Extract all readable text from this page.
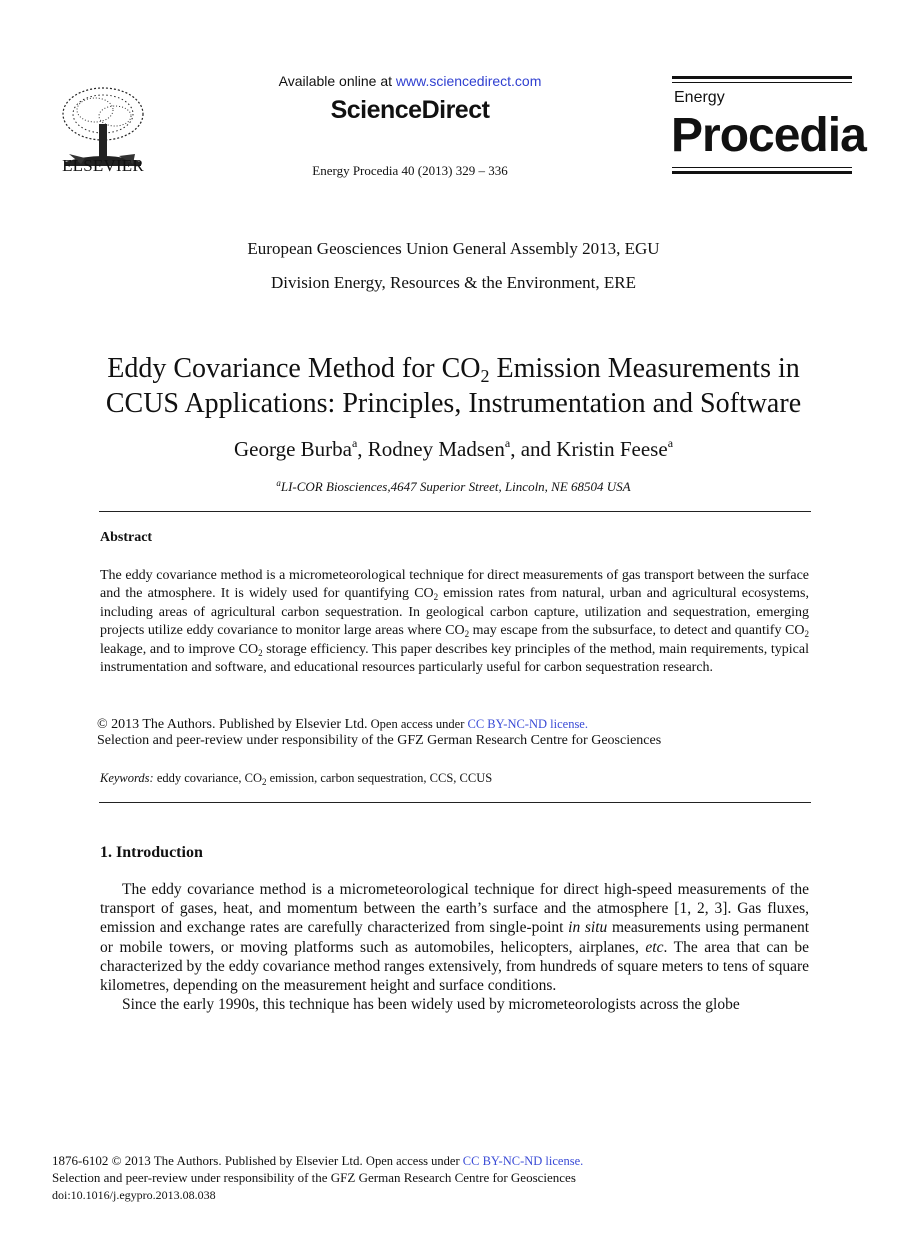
ELSEVIER
Available online at www.sciencedirect.com
ScienceDirect
Energy Procedia 40 (2013) 329 – 336
Energy
Procedia
European Geosciences Union General Assembly 2013, EGU
Division Energy, Resources & the Environment, ERE
Eddy Covariance Method for $CO_2$ Emission Measurements in
CCUS Applications: Principles, Instrumentation and Software
George Burba$^a$, Rodney Madsen$^a$, and Kristin Feese$^a$
$^a$LI-COR Biosciences,4647 Superior Street, Lincoln, NE 68504 USA
Abstract
The eddy covariance method is a micrometeorological technique for direct measurements of gas transport between the surface and the atmosphere. It is widely used for quantifying $CO_2$ emission rates from natural, urban and agricultural ecosystems, including areas of agricultural carbon sequestration. In geological carbon capture, utilization and sequestration, emerging projects utilize eddy covariance to monitor large areas where $CO_2$ may escape from the subsurface, to detect and quantify $CO_2$ leakage, and to improve $CO_2$ storage efficiency. This paper describes key principles of the method, main requirements, typical instrumentation and software, and educational resources particularly useful for carbon sequestration research.
© 2013 The Authors. Published by Elsevier Ltd. Open access under CC BY-NC-ND license.
Selection and peer-review under responsibility of the GFZ German Research Centre for Geosciences
Keywords: eddy covariance, $CO_2$ emission, carbon sequestration, CCS, CCUS
1. Introduction

The eddy covariance method is a micrometeorological technique for direct high-speed measurements of the transport of gases, heat, and momentum between the earth’s surface and the atmosphere [1, 2, 3]. Gas fluxes, emission and exchange rates are carefully characterized from single-point in situ measurements using permanent or mobile towers, or moving platforms such as automobiles, helicopters, airplanes, etc. The area that can be characterized by the eddy covariance method ranges extensively, from hundreds of square meters to tens of square kilometres, depending on the measurement height and surface conditions.

Since the early 1990s, this technique has been widely used by micrometeorologists across the globe

1876-6102 © 2013 The Authors. Published by Elsevier Ltd. Open access under CC BY-NC-ND license.
Selection and peer-review under responsibility of the GFZ German Research Centre for Geosciences
doi:10.1016/j.egypro.2013.08.038
